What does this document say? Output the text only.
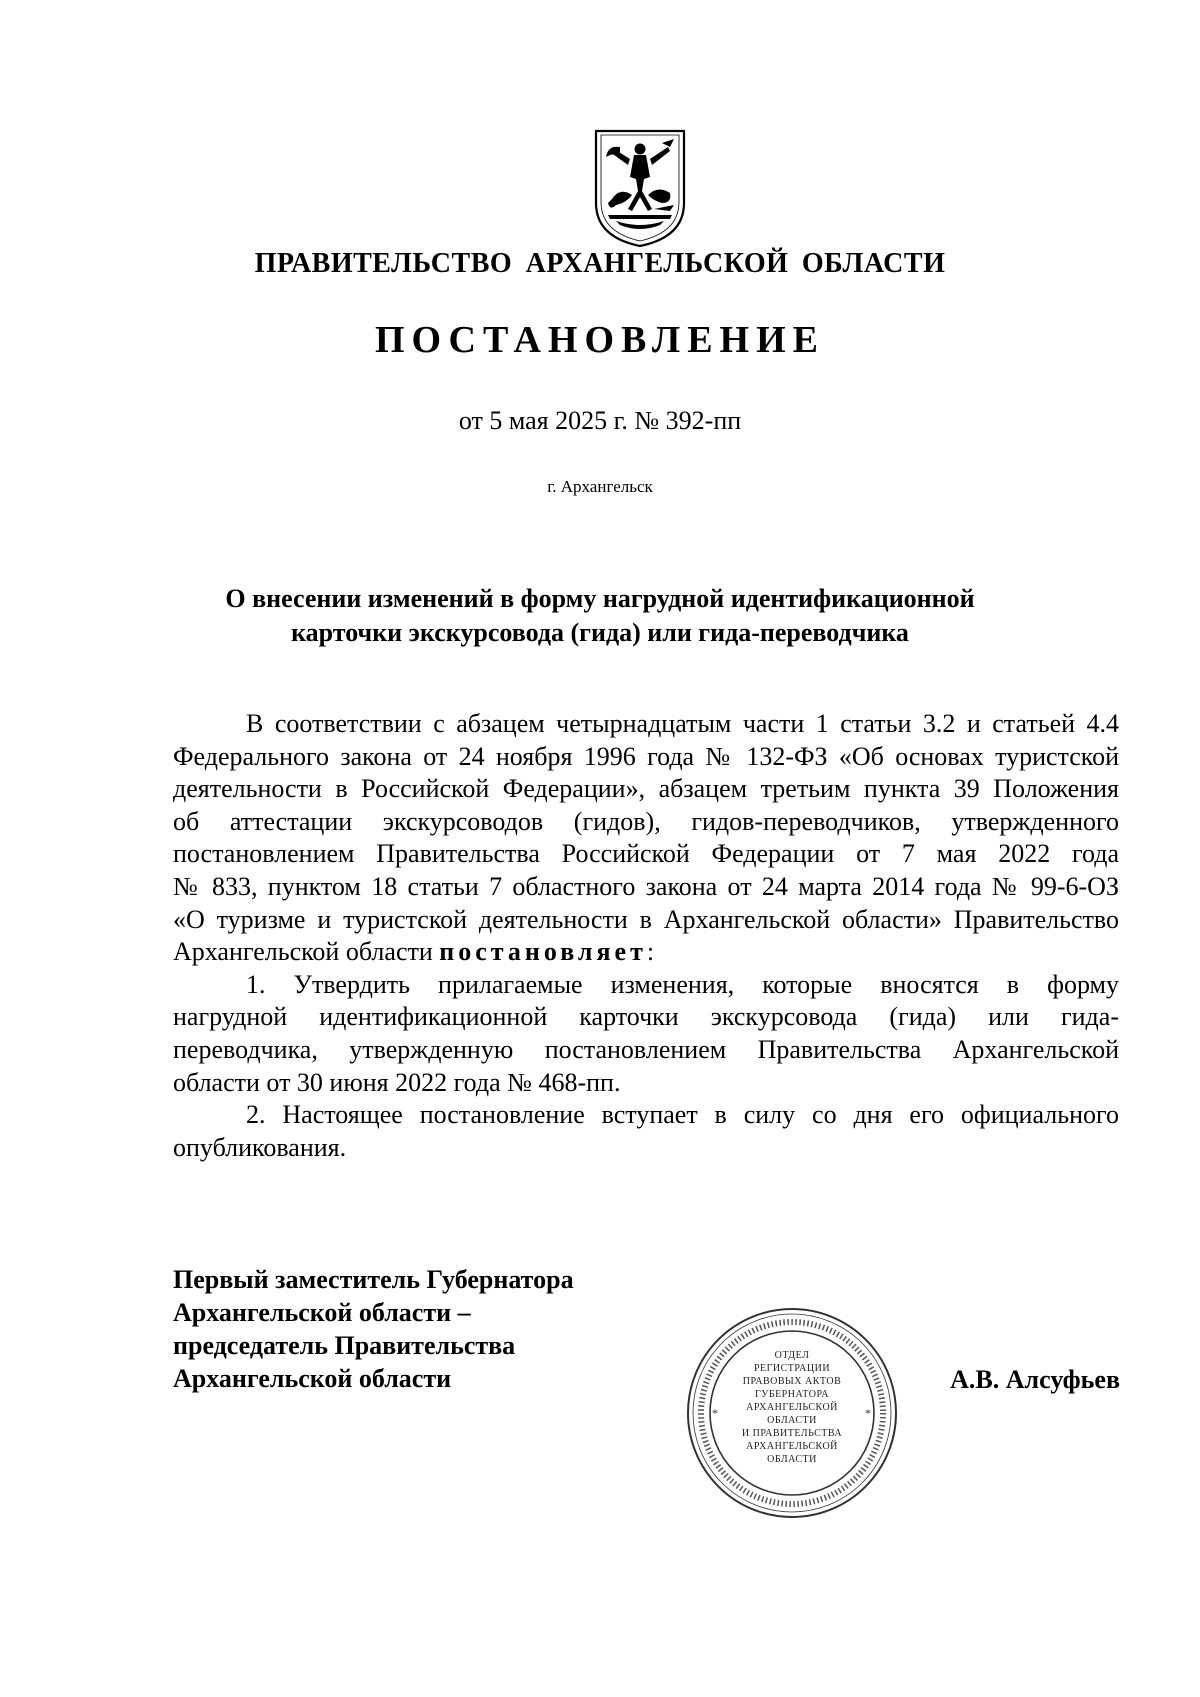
ПРАВИТЕЛЬСТВО АРХАНГЕЛЬСКОЙ ОБЛАСТИ
ПОСТАНОВЛЕНИЕ
от 5 мая 2025 г. № 392-пп
г. Архангельск
О внесении изменений в форму нагрудной идентификационной
карточки экскурсовода (гида) или гида-переводчика
В соответствии с абзацем четырнадцатым части 1 статьи 3.2 и статьей 4.4
Федерального закона от 24 ноября 1996 года № 132-ФЗ «Об основах туристской
деятельности в Российской Федерации», абзацем третьим пункта 39 Положения
об аттестации экскурсоводов (гидов), гидов-переводчиков, утвержденного
постановлением Правительства Российской Федерации от 7 мая 2022 года
№ 833, пунктом 18 статьи 7 областного закона от 24 марта 2014 года № 99-6-ОЗ
«О туризме и туристской деятельности в Архангельской области» Правительство
Архангельской области постановляет:
1. Утвердить прилагаемые изменения, которые вносятся в форму
нагрудной идентификационной карточки экскурсовода (гида) или гида-
переводчика, утвержденную постановлением Правительства Архангельской
области от 30 июня 2022 года № 468-пп.
2. Настоящее постановление вступает в силу со дня его официального
опубликования.
Первый заместитель Губернатора
Архангельской области –
председатель Правительства
Архангельской области
*	*
ОТДЕЛ
РЕГИСТРАЦИИ
ПРАВОВЫХ АКТОВ
ГУБЕРНАТОРА
АРХАНГЕЛЬСКОЙ
ОБЛАСТИ
И ПРАВИТЕЛЬСТВА
АРХАНГЕЛЬСКОЙ
ОБЛАСТИ
А.В. Алсуфьев
